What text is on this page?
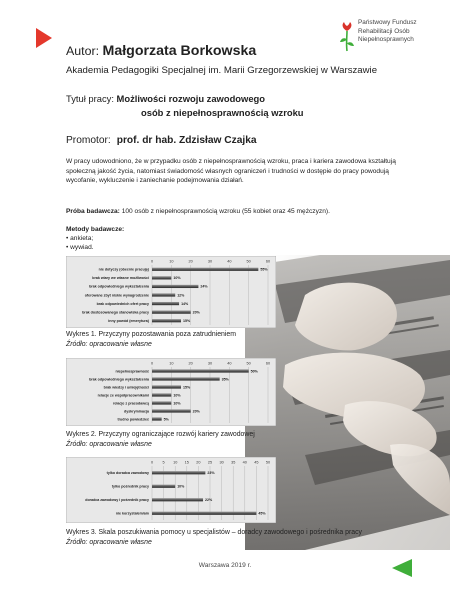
Państwowy Fundusz
Rehabilitacji Osób
Niepełnosprawnych
Autor: Małgorzata Borkowska
Akademia Pedagogiki Specjalnej im. Marii Grzegorzewskiej w Warszawie
Tytuł pracy: Możliwości rozwoju zawodowego
osób z niepełnosprawnością wzroku
Promotor: prof. dr hab. Zdzisław Czajka
W pracy udowodniono, że w przypadku osób z niepełnosprawnością wzroku, praca i kariera zawodowa kształtują społeczną jakość życia, natomiast świadomość własnych ograniczeń i trudności w dostępie do pracy powodują wycofanie, wykluczenie i zaniechanie podejmowania działań.
Próba badawcza: 100 osób z niepełnosprawnością wzroku (55 kobiet oraz 45 mężczyzn).
Metody badawcze:
• ankieta;
• wywiad.
0	10	20	30	40	50	60
nie dotyczy (obecnie pracuję)	55%
brak wiary we własne możliwości	10%
brak odpowiedniego wykształcenia	24%
oferowane zbyt niskie wynagrodzenie	12%
brak odpowiednich ofert pracy	14%
brak dostosowanego stanowiska pracy	20%
inny powód (emerytura)	15%
Wykres 1. Przyczyny pozostawania poza zatrudnieniem
Źródło: opracowanie własne
0	10	20	30	40	50	60
niepełnosprawność	50%
brak odpowiedniego wykształcenia	35%
brak wiedzy i umiejętności	15%
relacje ze współpracownikami	10%
relacje z pracodawcą	10%
dyskryminacja	20%
trudno powiedzieć	5%
Wykres 2. Przyczyny ograniczające rozwój kariery zawodowej
Źródło: opracowanie własne
0 5 10 15 20 25 30 35 40 45 50
tylko doradca zawodowy	23%
tylko pośrednik pracy	10%
doradca zawodowy i pośrednik pracy	22%
nie korzystałem/am	45%
Wykres 3. Skala poszukiwania pomocy u specjalistów – doradcy zawodowego i pośrednika pracy
Źródło: opracowanie własne
Warszawa 2019 r.
